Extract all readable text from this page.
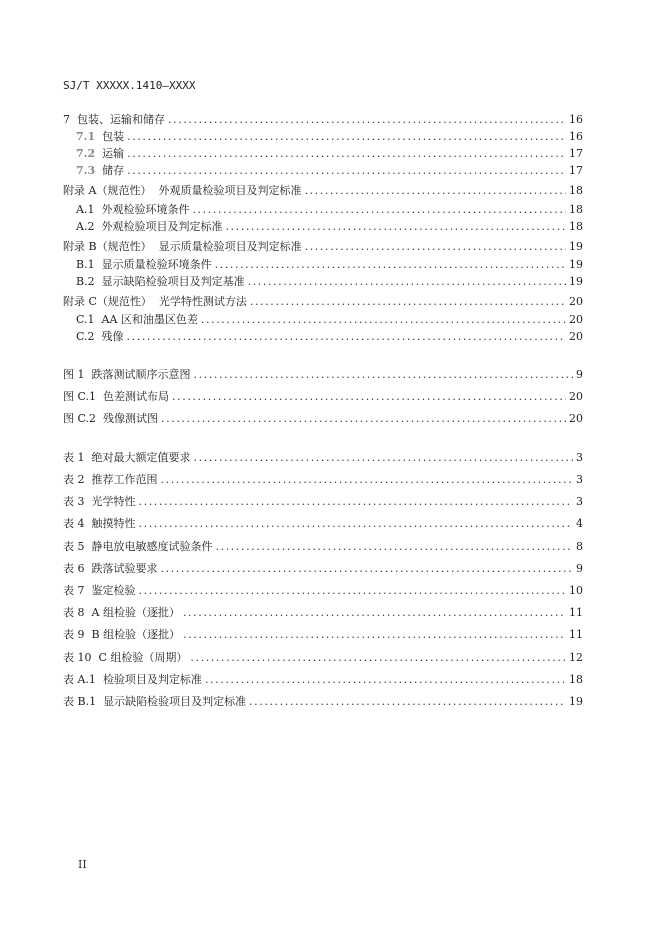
SJ/T XXXXX.1410—XXXX
7 包装、运输和储存 .....	16
7.1 包装 .....	16
7.2 运输 .....	17
7.3 储存 .....	17
附录 A（规范性） 外观质量检验项目及判定标准 .....	18
A.1 外观检验环境条件 .....	18
A.2 外观检验项目及判定标准 .....	18
附录 B（规范性） 显示质量检验项目及判定标准 .....	19
B.1 显示质量检验环境条件 .....	19
B.2 显示缺陷检验项目及判定基准 .....	19
附录 C（规范性） 光学特性测试方法 .....	20
C.1 AA 区和油墨区色差 .....	20
C.2 残像 .....	20
图 1 跌落测试顺序示意图 .....	9
图 C.1 色差测试布局 .....	20
图 C.2 残像测试图 .....	20
表 1 绝对最大额定值要求 .....	3
表 2 推荐工作范围 .....	3
表 3 光学特性 .....	3
表 4 触摸特性 .....	4
表 5 静电放电敏感度试验条件 .....	8
表 6 跌落试验要求 .....	9
表 7 鉴定检验 .....	10
表 8 A 组检验（逐批） .....	11
表 9 B 组检验（逐批） .....	11
表 10 C 组检验（周期） .....	12
表 A.1 检验项目及判定标准 .....	18
表 B.1 显示缺陷检验项目及判定标准 .....	19
II
